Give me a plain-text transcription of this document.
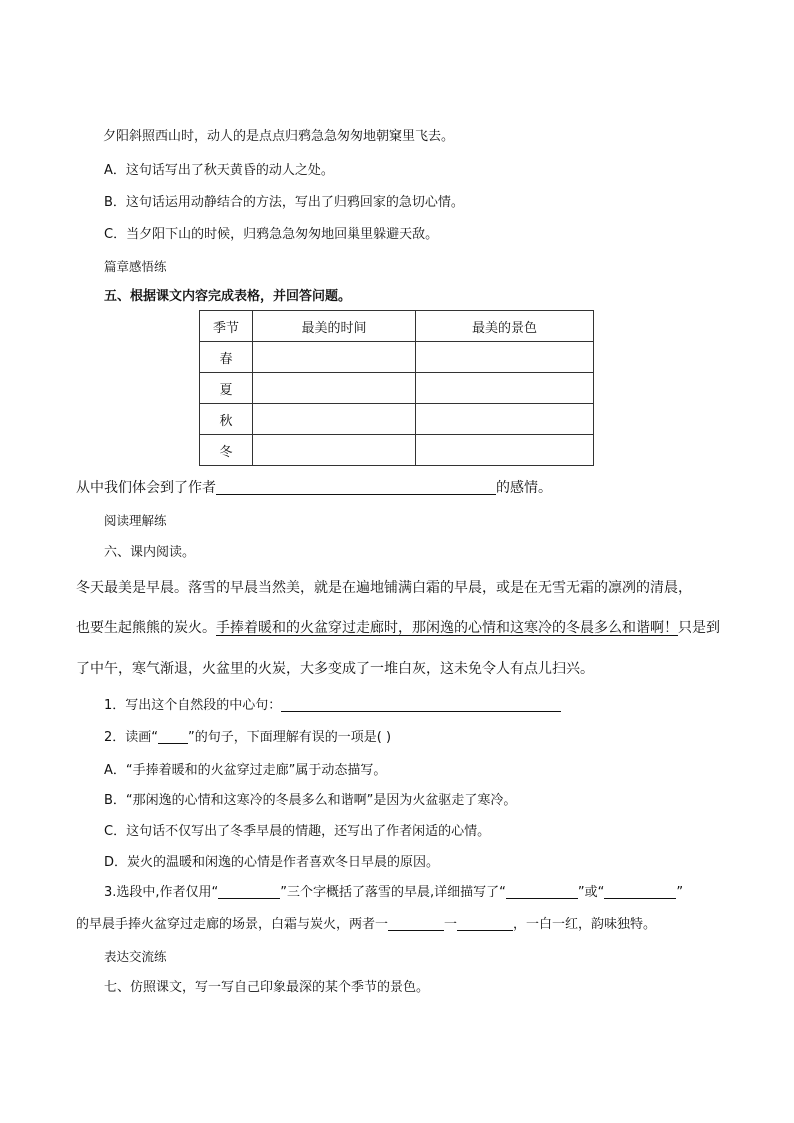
夕阳斜照西山时，动人的是点点归鸦急急匆匆地朝窠里飞去。
A．这句话写出了秋天黄昏的动人之处。
B．这句话运用动静结合的方法，写出了归鸦回家的急切心情。
C．当夕阳下山的时候，归鸦急急匆匆地回巢里躲避天敌。
篇章感悟练
五、根据课文内容完成表格，并回答问题。
季节	最美的时间	最美的景色
春		
夏		
秋		
冬		
从中我们体会到了作者	的感情。
阅读理解练
六、课内阅读。
冬天最美是早晨。落雪的早晨当然美，就是在遍地铺满白霜的早晨，或是在无雪无霜的凛冽的清晨，
也要生起熊熊的炭火。手捧着暖和的火盆穿过走廊时，那闲逸的心情和这寒冷的冬晨多么和谐啊！只是到
了中午，寒气渐退，火盆里的火炭，大多变成了一堆白灰，这未免令人有点儿扫兴。
1．写出这个自然段的中心句：
2．读画“ ”的句子，下面理解有误的一项是( )
A．“手捧着暖和的火盆穿过走廊”属于动态描写。
B．“那闲逸的心情和这寒冷的冬晨多么和谐啊”是因为火盆驱走了寒冷。
C．这句话不仅写出了冬季早晨的情趣，还写出了作者闲适的心情。
D．炭火的温暖和闲逸的心情是作者喜欢冬日早晨的原因。
3.选段中,作者仅用“	”三个字概括了落雪的早晨,详细描写了“	”或“	”
的早晨手捧火盆穿过走廊的场景，白霜与炭火，两者一	一	，一白一红，韵味独特。
表达交流练
七、仿照课文，写一写自己印象最深的某个季节的景色。
